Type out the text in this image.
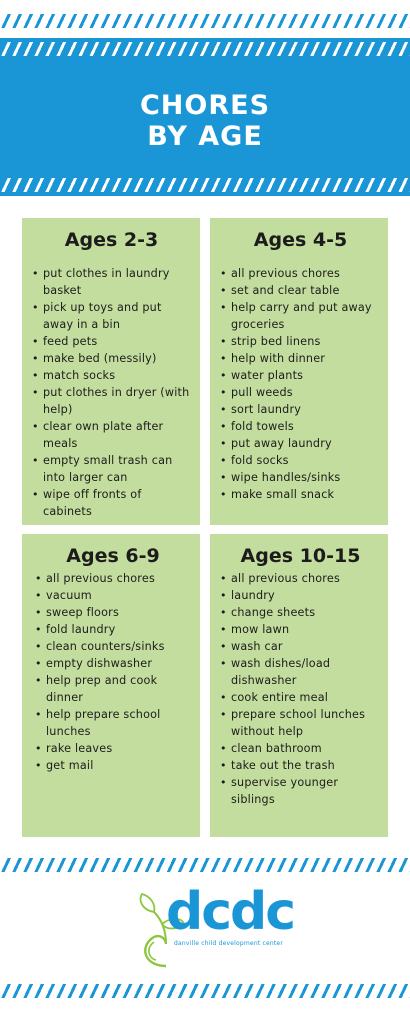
CHORES
BY AGE
Ages 2-3
• put clothes in laundry basket
• pick up toys and put away in a bin
• feed pets
• make bed (messily)
• match socks
• put clothes in dryer (with help)
• clear own plate after meals
• empty small trash can into larger can
• wipe off fronts of cabinets
Ages 4-5
• all previous chores
• set and clear table
• help carry and put away groceries
• strip bed linens
• help with dinner
• water plants
• pull weeds
• sort laundry
• fold towels
• put away laundry
• fold socks
• wipe handles/sinks
• make small snack
Ages 6-9
• all previous chores
• vacuum
• sweep floors
• fold laundry
• clean counters/sinks
• empty dishwasher
• help prep and cook dinner
• help prepare school lunches
• rake leaves
• get mail
Ages 10-15
• all previous chores
• laundry
• change sheets
• mow lawn
• wash car
• wash dishes/load dishwasher
• cook entire meal
• prepare school lunches without help
• clean bathroom
• take out the trash
• supervise younger siblings
dcdc
danville child development center
